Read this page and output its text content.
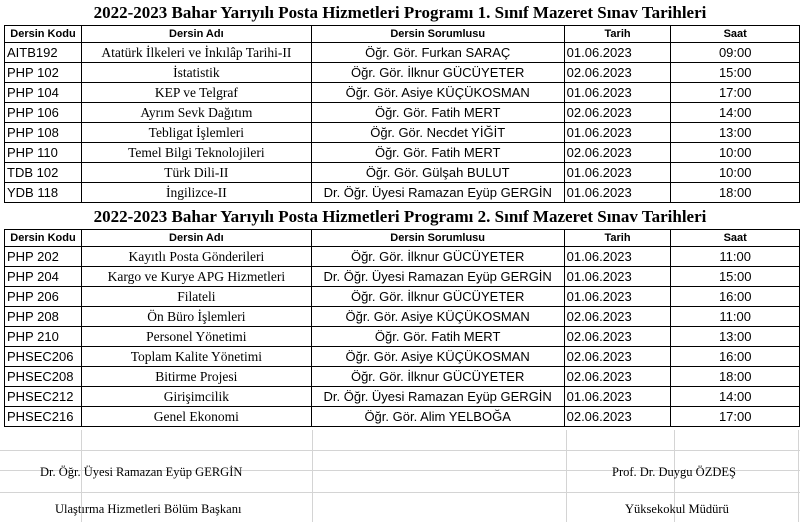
2022-2023 Bahar Yarıyılı Posta Hizmetleri Programı 1. Sınıf Mazeret Sınav Tarihleri
Dersin Kodu	Dersin Adı	Dersin Sorumlusu	Tarih	Saat
AITB192	Atatürk İlkeleri ve İnkılâp Tarihi-II	Öğr. Gör. Furkan SARAÇ	01.06.2023	09:00
PHP 102	İstatistik	Öğr. Gör. İlknur GÜCÜYETER	02.06.2023	15:00
PHP 104	KEP ve Telgraf	Öğr. Gör. Asiye KÜÇÜKOSMAN	01.06.2023	17:00
PHP 106	Ayrım Sevk Dağıtım	Öğr. Gör. Fatih MERT	02.06.2023	14:00
PHP 108	Tebligat İşlemleri	Öğr. Gör. Necdet YİĞİT	01.06.2023	13:00
PHP 110	Temel Bilgi Teknolojileri	Öğr. Gör. Fatih MERT	02.06.2023	10:00
TDB 102	Türk Dili-II	Öğr. Gör. Gülşah BULUT	01.06.2023	10:00
YDB 118	İngilizce-II	Dr. Öğr. Üyesi Ramazan Eyüp GERGİN	01.06.2023	18:00
2022-2023 Bahar Yarıyılı Posta Hizmetleri Programı 2. Sınıf Mazeret Sınav Tarihleri
Dersin Kodu	Dersin Adı	Dersin Sorumlusu	Tarih	Saat
PHP 202	Kayıtlı Posta Gönderileri	Öğr. Gör. İlknur GÜCÜYETER	01.06.2023	11:00
PHP 204	Kargo ve Kurye APG Hizmetleri	Dr. Öğr. Üyesi Ramazan Eyüp GERGİN	01.06.2023	15:00
PHP 206	Filateli	Öğr. Gör. İlknur GÜCÜYETER	01.06.2023	16:00
PHP 208	Ön Büro İşlemleri	Öğr. Gör. Asiye KÜÇÜKOSMAN	02.06.2023	11:00
PHP 210	Personel Yönetimi	Öğr. Gör. Fatih MERT	02.06.2023	13:00
PHSEC206	Toplam Kalite Yönetimi	Öğr. Gör. Asiye KÜÇÜKOSMAN	02.06.2023	16:00
PHSEC208	Bitirme Projesi	Öğr. Gör. İlknur GÜCÜYETER	02.06.2023	18:00
PHSEC212	Girişimcilik	Dr. Öğr. Üyesi Ramazan Eyüp GERGİN	01.06.2023	14:00
PHSEC216	Genel Ekonomi	Öğr. Gör. Alim YELBOĞA	02.06.2023	17:00
Dr. Öğr. Üyesi Ramazan Eyüp GERGİN
Ulaştırma Hizmetleri Bölüm Başkanı
Prof. Dr. Duygu ÖZDEŞ
Yüksekokul Müdürü
